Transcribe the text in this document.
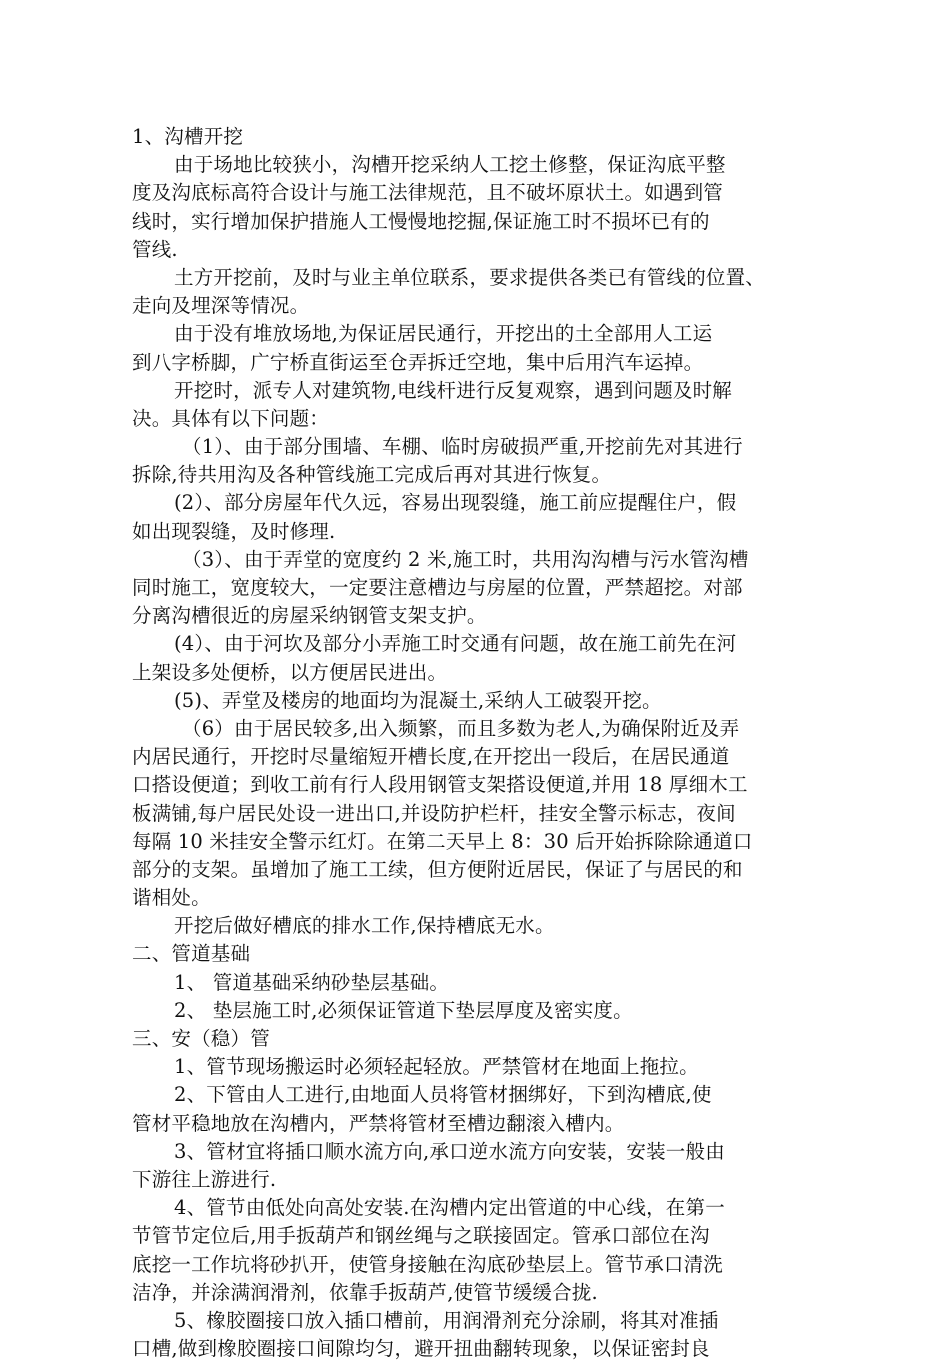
1、沟槽开挖
由于场地比较狭小，沟槽开挖采纳人工挖土修整，保证沟底平整
度及沟底标高符合设计与施工法律规范，且不破坏原状土。如遇到管
线时，实行增加保护措施人工慢慢地挖掘,保证施工时不损坏已有的
管线.
土方开挖前，及时与业主单位联系，要求提供各类已有管线的位置、
走向及埋深等情况。
由于没有堆放场地,为保证居民通行，开挖出的土全部用人工运
到八字桥脚，广宁桥直街运至仓弄拆迁空地，集中后用汽车运掉。
开挖时，派专人对建筑物,电线杆进行反复观察，遇到问题及时解
决。具体有以下问题：
（1）、由于部分围墙、车棚、临时房破损严重,开挖前先对其进行
拆除,待共用沟及各种管线施工完成后再对其进行恢复。
(2）、部分房屋年代久远，容易出现裂缝，施工前应提醒住户，假
如出现裂缝，及时修理.
（3）、由于弄堂的宽度约 2 米,施工时，共用沟沟槽与污水管沟槽
同时施工，宽度较大，一定要注意槽边与房屋的位置，严禁超挖。对部
分离沟槽很近的房屋采纳钢管支架支护。
(4）、由于河坎及部分小弄施工时交通有问题，故在施工前先在河
上架设多处便桥，以方便居民进出。
(5)、弄堂及楼房的地面均为混凝土,采纳人工破裂开挖。
（6）由于居民较多,出入频繁，而且多数为老人,为确保附近及弄
内居民通行，开挖时尽量缩短开槽长度,在开挖出一段后，在居民通道
口搭设便道；到收工前有行人段用钢管支架搭设便道,并用 18 厚细木工
板满铺,每户居民处设一进出口,并设防护栏杆，挂安全警示标志，夜间
每隔 10 米挂安全警示红灯。在第二天早上 8：30 后开始拆除除通道口
部分的支架。虽增加了施工工续，但方便附近居民，保证了与居民的和
谐相处。
开挖后做好槽底的排水工作,保持槽底无水。
二、管道基础
1、 管道基础采纳砂垫层基础。
2、 垫层施工时,必须保证管道下垫层厚度及密实度。
三、安（稳）管
1、管节现场搬运时必须轻起轻放。严禁管材在地面上拖拉。
2、下管由人工进行,由地面人员将管材捆绑好，下到沟槽底,使
管材平稳地放在沟槽内，严禁将管材至槽边翻滚入槽内。
3、管材宜将插口顺水流方向,承口逆水流方向安装，安装一般由
下游往上游进行.
4、管节由低处向高处安装.在沟槽内定出管道的中心线，在第一
节管节定位后,用手扳葫芦和钢丝绳与之联接固定。管承口部位在沟
底挖一工作坑将砂扒开，使管身接触在沟底砂垫层上。管节承口清洗
洁净，并涂满润滑剂，依靠手扳葫芦,使管节缓缓合拢.
5、橡胶圈接口放入插口槽前，用润滑剂充分涂刷，将其对准插
口槽,做到橡胶圈接口间隙均匀，避开扭曲翻转现象，以保证密封良
